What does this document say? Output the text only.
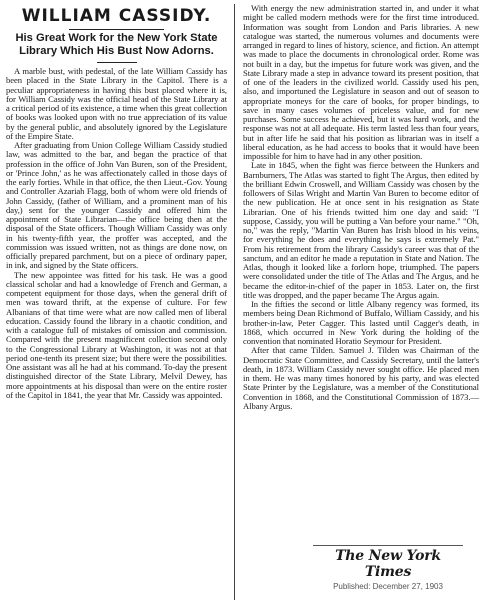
WILLIAM CASSIDY.
His Great Work for the New York State Library Which His Bust Now Adorns.

A marble bust, with pedestal, of the late William Cassidy has been placed in the State Library in the Capitol. There is a peculiar appropriateness in having this bust placed where it is, for William Cassidy was the official head of the State Library at a critical period of its existence, a time when this great collection of books was looked upon with no true appreciation of its value by the general public, and absolutely ignored by the Legislature of the Empire State.

After graduating from Union College William Cassidy studied law, was admitted to the bar, and began the practice of that profession in the office of John Van Buren, son of the President, or 'Prince John,' as he was affectionately called in those days of the early forties. While in that office, the then Lieut.-Gov. Young and Controller Azariah Flagg, both of whom were old friends of John Cassidy, (father of William, and a prominent man of his day,) sent for the younger Cassidy and offered him the appointment of State Librarian—the office being then at the disposal of the State officers. Though William Cassidy was only in his twenty-fifth year, the proffer was accepted, and the commission was issued written, not as things are done now, on officially prepared parchment, but on a piece of ordinary paper, in ink, and signed by the State officers.

The new appointee was fitted for his task. He was a good classical scholar and had a knowledge of French and German, a competent equipment for those days, when the general drift of men was toward thrift, at the expense of culture. For few Albanians of that time were what are now called men of liberal education. Cassidy found the library in a chaotic condition, and with a catalogue full of mistakes of omission and commission. Compared with the present magnificent collection second only to the Congressional Library at Washington, it was not at that period one-tenth its present size; but there were the possibilities. One assistant was all he had at his command. To-day the present distinguished director of the State Library, Melvil Dewey, has more appointments at his disposal than were on the entire roster of the Capitol in 1841, the year that Mr. Cassidy was appointed.

With energy the new administration started in, and under it what might be called modern methods were for the first time introduced. Information was sought from London and Paris libraries. A new catalogue was started, the numerous volumes and documents were arranged in regard to lines of history, science, and fiction. An attempt was made to place the documents in chronological order. Rome was not built in a day, but the impetus for future work was given, and the State Library made a step in advance toward its present position, that of one of the leaders in the civilized world. Cassidy used his pen, also, and importuned the Legislature in season and out of season to appropriate moneys for the care of books, for proper bindings, to save in many cases volumes of priceless value, and for new purchases. Some success he achieved, but it was hard work, and the response was not at all adequate. His term lasted less than four years, but in after life he said that his position as librarian was in itself a liberal education, as he had access to books that it would have been impossible for him to have had in any other position.

Late in 1845, when the fight was fierce between the Hunkers and Barnburners, The Atlas was started to fight The Argus, then edited by the brilliant Edwin Croswell, and William Cassidy was chosen by the followers of Silas Wright and Martin Van Buren to become editor of the new publication. He at once sent in his resignation as State Librarian. One of his friends twitted him one day and said: "I suppose, Cassidy, you will be putting a Van before your name." "Oh, no," was the reply, "Martin Van Buren has Irish blood in his veins, for everything he does and everything he says is extremely Pat." From his retirement from the library Cassidy's career was that of the sanctum, and an editor he made a reputation in State and Nation. The Atlas, though it looked like a forlorn hope, triumphed. The papers were consolidated under the title of The Atlas and The Argus, and he became the editor-in-chief of the paper in 1853. Later on, the first title was dropped, and the paper became The Argus again.

In the fifties the second or little Albany regency was formed, its members being Dean Richmond of Buffalo, William Cassidy, and his brother-in-law, Peter Cagger. This lasted until Cagger's death, in 1868, which occurred in New York during the holding of the convention that nominated Horatio Seymour for President.

After that came Tilden. Samuel J. Tilden was Chairman of the Democratic State Committee, and Cassidy Secretary, until the latter's death, in 1873. William Cassidy never sought office. He placed men in them. He was many times honored by his party, and was elected State Printer by the Legislature, was a member of the Constitutional Convention in 1868, and the Constitutional Commission of 1873.—Albany Argus.

The New York Times
Published: December 27, 1903
